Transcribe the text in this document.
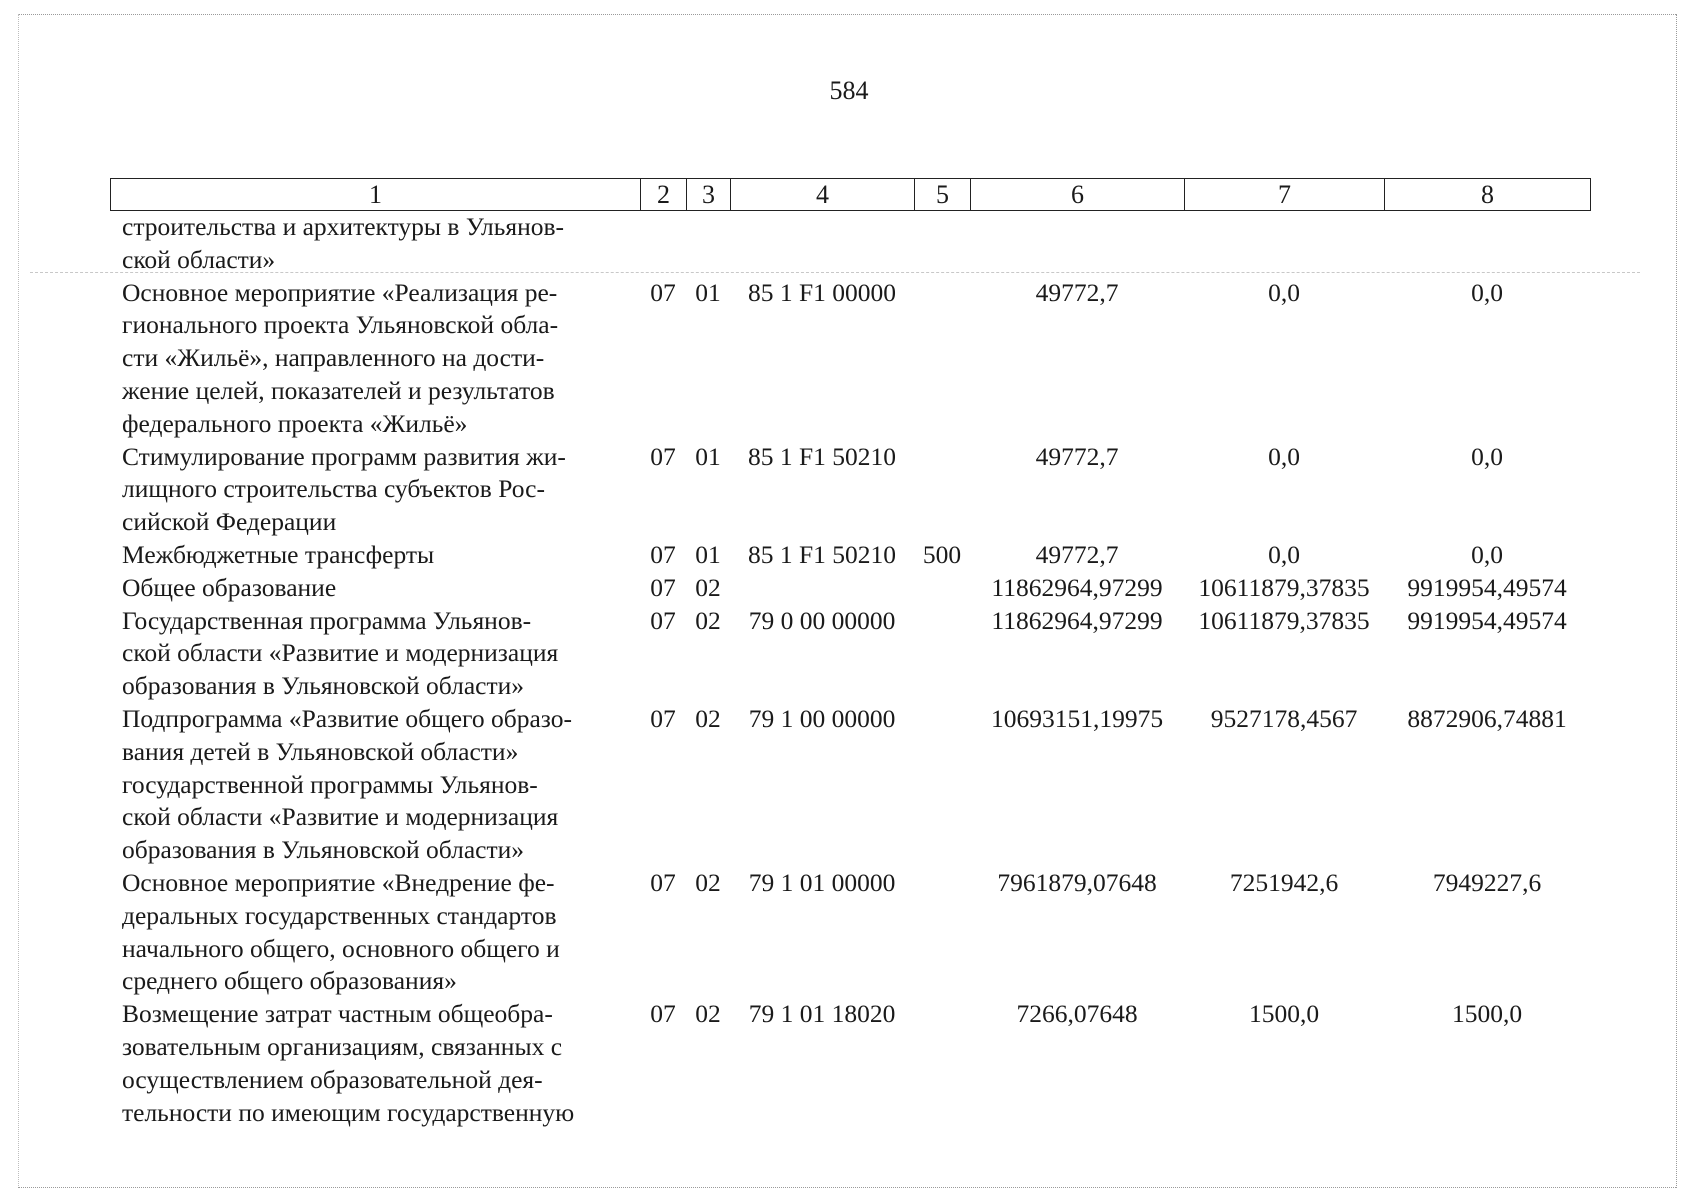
584
1	2	3	4	5	6	7	8
строительства и архитектуры в Ульянов-
ской области»							

Основное мероприятие «Реализация ре-
гионального проекта Ульяновской обла-
сти «Жильё», направленного на дости-
жение целей, показателей и результатов
федерального проекта «Жильё»	07	01	85 1 F1 00000		49772,7	0,0	0,0

Стимулирование программ развития жи-
лищного строительства субъектов Рос-
сийской Федерации	07	01	85 1 F1 50210		49772,7	0,0	0,0

Межбюджетные трансферты	07	01	85 1 F1 50210	500	49772,7	0,0	0,0

Общее образование	07	02			11862964,97299	10611879,37835	9919954,49574

Государственная программа Ульянов-
ской области «Развитие и модернизация
образования в Ульяновской области»	07	02	79 0 00 00000		11862964,97299	10611879,37835	9919954,49574

Подпрограмма «Развитие общего образо-
вания детей в Ульяновской области»
государственной программы Ульянов-
ской области «Развитие и модернизация
образования в Ульяновской области»	07	02	79 1 00 00000		10693151,19975	9527178,4567	8872906,74881

Основное мероприятие «Внедрение фе-
деральных государственных стандартов
начального общего, основного общего и
среднего общего образования»	07	02	79 1 01 00000		7961879,07648	7251942,6	7949227,6

Возмещение затрат частным общеобра-
зовательным организациям, связанных с
осуществлением образовательной дея-
тельности по имеющим государственную	07	02	79 1 01 18020		7266,07648	1500,0	1500,0
